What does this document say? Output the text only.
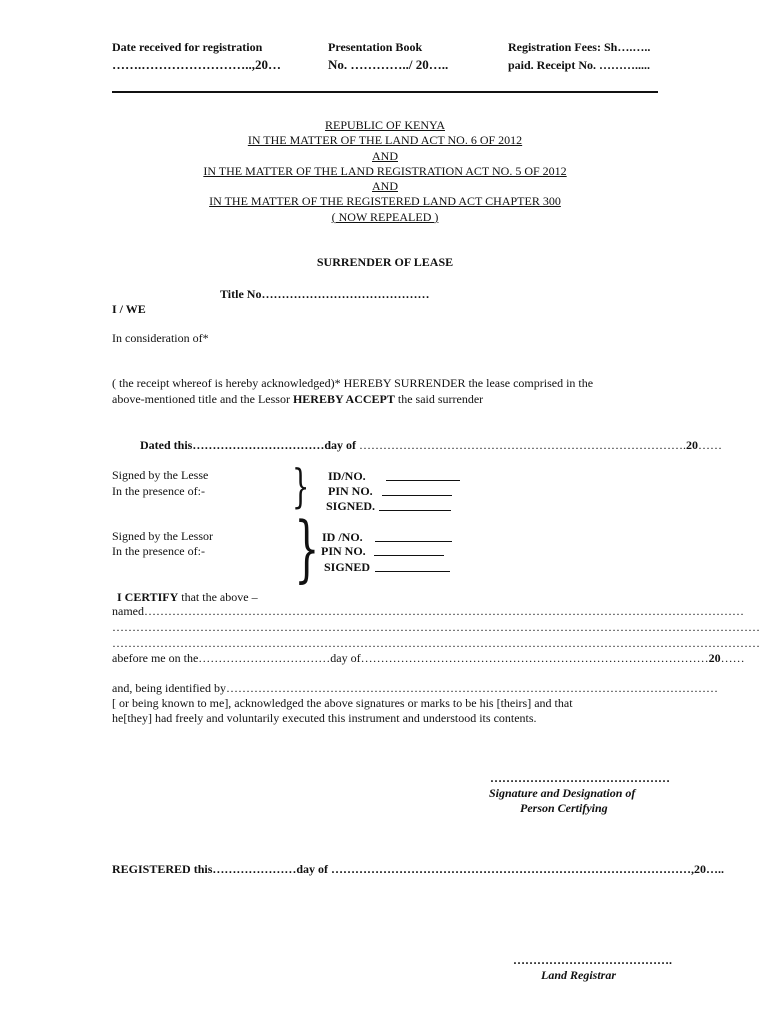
Date received for registration
…….……………………..,20…
Presentation Book
No. …………../ 20…..
Registration Fees: Sh….…..
paid. Receipt No. ……….....
REPUBLIC OF KENYA
IN THE MATTER OF THE LAND ACT NO. 6 OF 2012
AND
IN THE MATTER OF THE LAND REGISTRATION ACT NO. 5 OF 2012
AND
IN THE MATTER OF THE REGISTERED LAND ACT CHAPTER 300
( NOW REPEALED )
SURRENDER OF LEASE
Title No……………………………………
I / WE
In consideration of*
( the receipt whereof is hereby acknowledged)* HEREBY SURRENDER the lease comprised in the
above-mentioned title and the Lessor HEREBY ACCEPT the said surrender
Dated this……………………………day of ……………………………………………………………………….20……
Signed by the Lesse
In the presence of:- } ID/NO.
PIN NO.
SIGNED.
Signed by the Lessor
In the presence of:- } ID /NO.
PIN NO.
SIGNED
I CERTIFY that the above –
named……………………………………………………………………………………………………………………………………
………………………………………………………………………………………………………………………………………………
………………………………………………………………………………………………………………………………………………
abefore me on the……………………………day of……………………………………………………………………………20……
and, being identified by……………………………………………………………………………………………………………
[ or being known to me], acknowledged the above signatures or marks to be his [theirs] and that
he[they] had freely and voluntarily executed this instrument and understood its contents.
………………………………………
Signature and Designation of
Person Certifying
REGISTERED this…………………day of ………………………………………………………………………………,20…..
………………………………….
Land Registrar
